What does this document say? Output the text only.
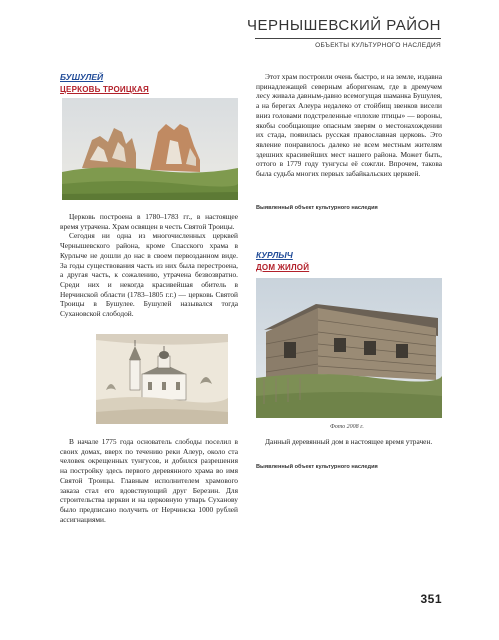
ЧЕРНЫШЕВСКИЙ РАЙОН
ОБЪЕКТЫ КУЛЬТУРНОГО НАСЛЕДИЯ
БУШУЛЕЙ
ЦЕРКОВЬ ТРОИЦКАЯ

Церковь построена в 1780–1783 гг., в настоящее время утрачена. Храм освящен в честь Святой Троицы.

Сегодня ни одна из многочисленных церквей Чернышевского района, кроме Спасского храма в Курлыче не дошли до нас в своем первозданном виде. За годы существования часть из них была перестроена, а другая часть, к сожалению, утрачена безвозвратно. Среди них и некогда красивейшая обитель в Нерчинской области (1783–1805 г.г.) — церковь Святой Троицы в Бушулее. Бушулей назывался тогда Сухановской слободой.

В начале 1775 года основатель слободы поселил в своих домах, вверх по течению реки Алеур, около ста человек окрещенных тунгусов, и добился разрешения на постройку здесь первого деревянного храма во имя Святой Троицы. Главным исполнителем храмового заказа стал его вдовствующий друг Березин. Для строительства церкви и на церковную утварь Суханову было предписано получить от Нерчинска 1000 рублей ассигнациями.

Этот храм построили очень быстро, и на земле, издавна принадлежащей северным аборигенам, где в дремучем лесу живала давным-давно всемогущая шаманка Бушулея, а на берегах Алеура недалеко от стойбищ звенков висели вниз головами подстреленные «плохие птицы» — вороны, якобы сообщающие опасным зверям о местонахождении их стада, появилась русская православная церковь. Это явление понравилось далеко не всем местным жителям здешних красивейших мест нашего района. Может быть, оттого в 1779 году тунгусы её сожгли. Впрочем, такова была судьба многих первых забайкальских церквей.

Выявленный объект культурного наследия
КУРЛЫЧ
ДОМ ЖИЛОЙ
Фото 2008 г.

Данный деревянный дом в настоящее время утрачен.

Выявленный объект культурного наследия
351
